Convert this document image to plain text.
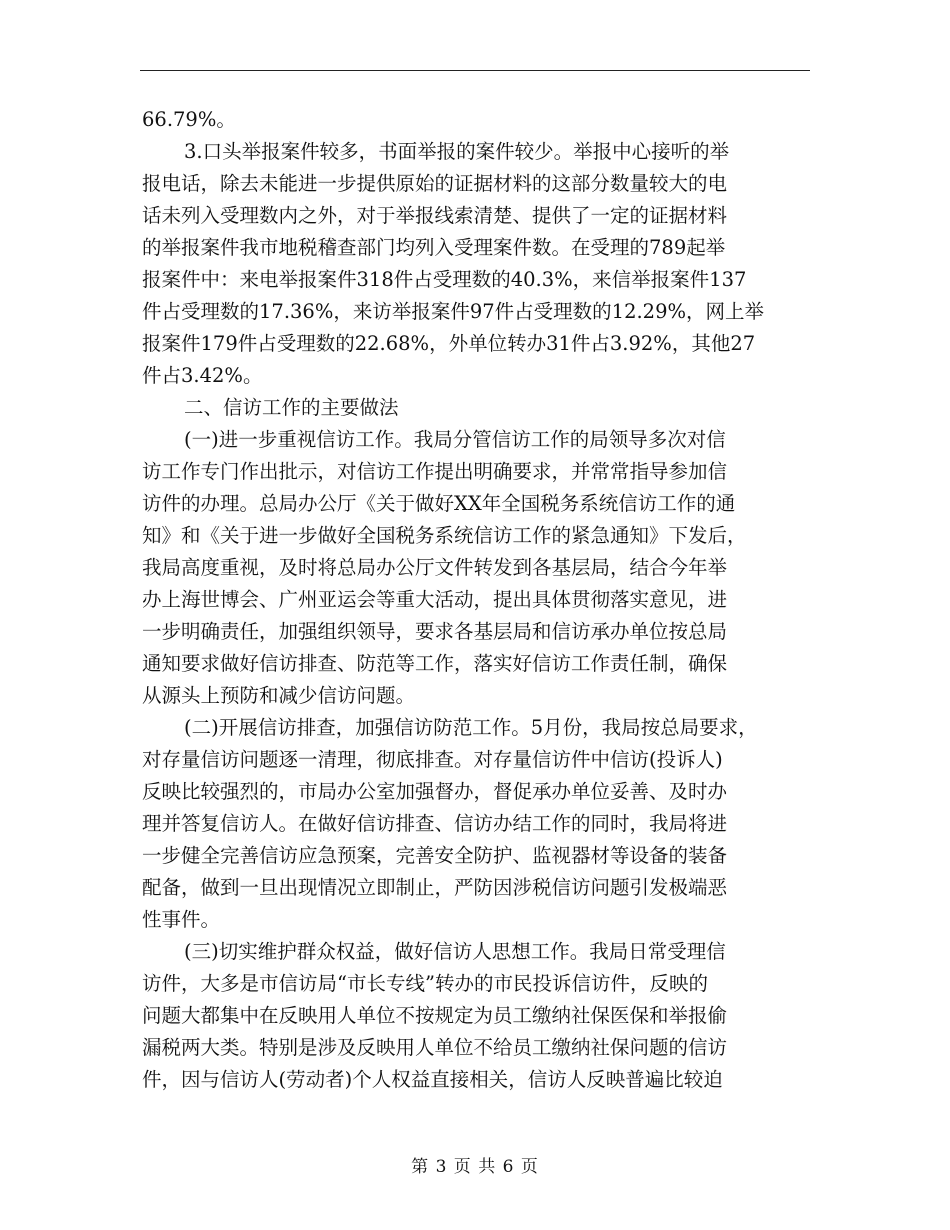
66.79%。
3.口头举报案件较多，书面举报的案件较少。举报中心接听的举
报电话，除去未能进一步提供原始的证据材料的这部分数量较大的电
话未列入受理数内之外，对于举报线索清楚、提供了一定的证据材料
的举报案件我市地税稽查部门均列入受理案件数。在受理的789起举
报案件中：来电举报案件318件占受理数的40.3%，来信举报案件137
件占受理数的17.36%，来访举报案件97件占受理数的12.29%，网上举
报案件179件占受理数的22.68%，外单位转办31件占3.92%，其他27
件占3.42%。
二、信访工作的主要做法
(一)进一步重视信访工作。我局分管信访工作的局领导多次对信
访工作专门作出批示，对信访工作提出明确要求，并常常指导参加信
访件的办理。总局办公厅《关于做好XX年全国税务系统信访工作的通
知》和《关于进一步做好全国税务系统信访工作的紧急通知》下发后，
我局高度重视，及时将总局办公厅文件转发到各基层局，结合今年举
办上海世博会、广州亚运会等重大活动，提出具体贯彻落实意见，进
一步明确责任，加强组织领导，要求各基层局和信访承办单位按总局
通知要求做好信访排查、防范等工作，落实好信访工作责任制，确保
从源头上预防和减少信访问题。
(二)开展信访排查，加强信访防范工作。5月份，我局按总局要求，
对存量信访问题逐一清理，彻底排查。对存量信访件中信访(投诉人)
反映比较强烈的，市局办公室加强督办，督促承办单位妥善、及时办
理并答复信访人。在做好信访排查、信访办结工作的同时，我局将进
一步健全完善信访应急预案，完善安全防护、监视器材等设备的装备
配备，做到一旦出现情况立即制止，严防因涉税信访问题引发极端恶
性事件。
(三)切实维护群众权益，做好信访人思想工作。我局日常受理信
访件，大多是市信访局“市长专线”转办的市民投诉信访件，反映的
问题大都集中在反映用人单位不按规定为员工缴纳社保医保和举报偷
漏税两大类。特别是涉及反映用人单位不给员工缴纳社保问题的信访
件，因与信访人(劳动者)个人权益直接相关，信访人反映普遍比较迫
第 3 页 共 6 页
